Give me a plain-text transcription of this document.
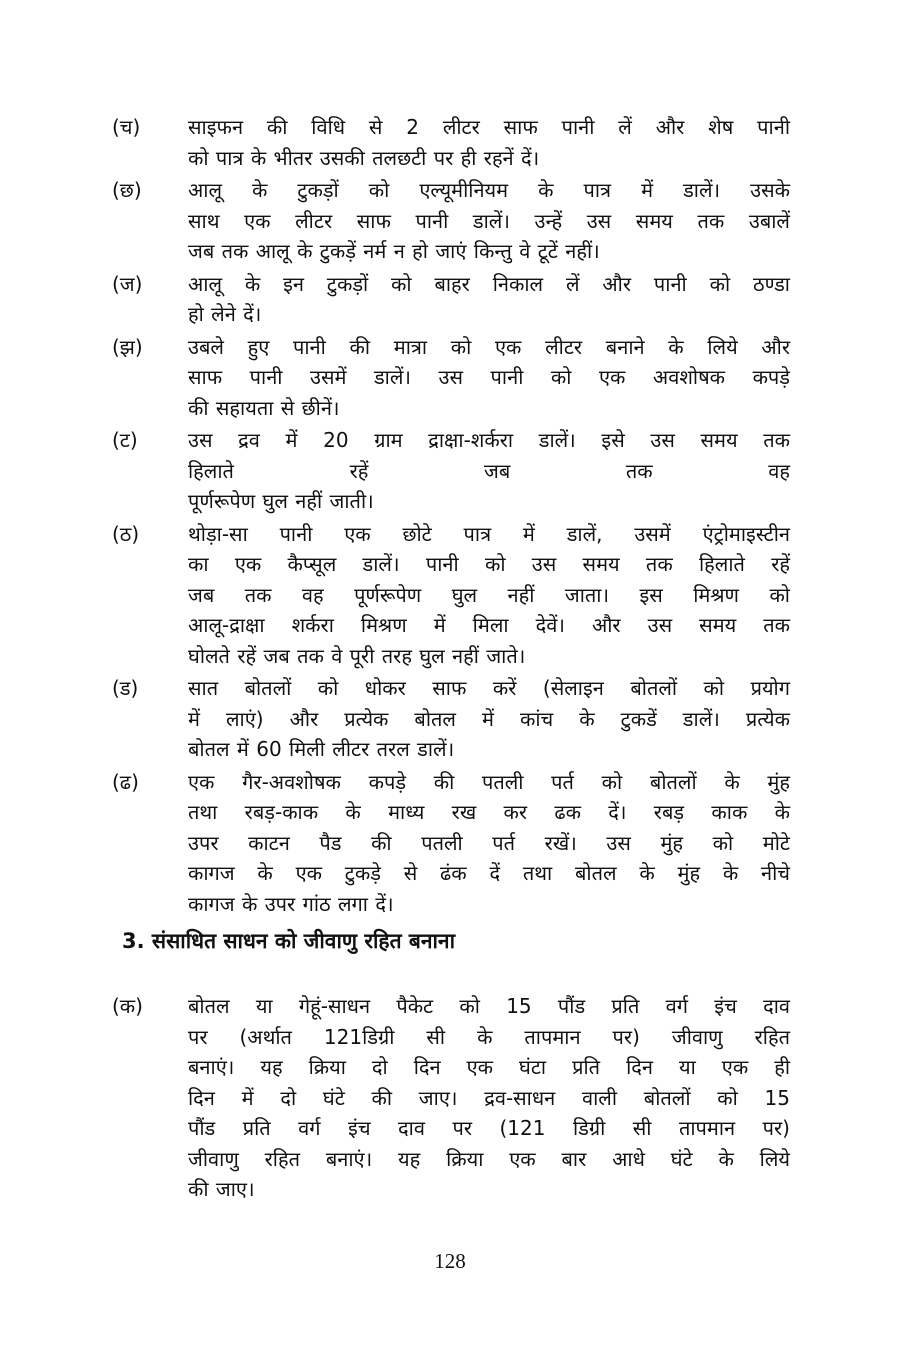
(च)	साइफन की विधि से 2 लीटर साफ पानी लें और शेष पानी
को पात्र के भीतर उसकी तलछटी पर ही रहनें दें।
(छ)	आलू के टुकड़ों को एल्यूमीनियम के पात्र में डालें। उसके
साथ एक लीटर साफ पानी डालें। उन्हें उस समय तक उबालें
जब तक आलू के टुकड़ें नर्म न हो जाएं किन्तु वे टूटें नहीं।
(ज)	आलू के इन टुकड़ों को बाहर निकाल लें और पानी को ठण्डा
हो लेने दें।
(झ)	उबले हुए पानी की मात्रा को एक लीटर बनाने के लिये और
साफ पानी उसमें डालें। उस पानी को एक अवशोषक कपड़े
की सहायता से छीनें।
(ट)	उस द्रव में 20 ग्राम द्राक्षा-शर्करा डालें। इसे उस समय तक
हिलाते रहें जब तक वह
पूर्णरूपेण घुल नहीं जाती।
(ठ)	थोड़ा-सा पानी एक छोटे पात्र में डालें, उसमें एंट्रोमाइस्टीन
का एक कैप्सूल डालें। पानी को उस समय तक हिलाते रहें
जब तक वह पूर्णरूपेण घुल नहीं जाता। इस मिश्रण को
आलू-द्राक्षा शर्करा मिश्रण में मिला देवें। और उस समय तक
घोलते रहें जब तक वे पूरी तरह घुल नहीं जाते।
(ड)	सात बोतलों को धोकर साफ करें (सेलाइन बोतलों को प्रयोग
में लाएं) और प्रत्येक बोतल में कांच के टुकडें डालें। प्रत्येक
बोतल में 60 मिली लीटर तरल डालें।
(ढ)	एक गैर-अवशोषक कपड़े की पतली पर्त को बोतलों के मुंह
तथा रबड़-काक के माध्य रख कर ढक दें। रबड़ काक के
उपर काटन पैड की पतली पर्त रखें। उस मुंह को मोटे
कागज के एक टुकड़े से ढंक दें तथा बोतल के मुंह के नीचे
कागज के उपर गांठ लगा दें।
3. संसाधित साधन को जीवाणु रहित बनाना
(क)	बोतल या गेहूं-साधन पैकेट को 15 पौंड प्रति वर्ग इंच दाव
पर (अर्थात 121डिग्री सी के तापमान पर) जीवाणु रहित
बनाएं। यह क्रिया दो दिन एक घंटा प्रति दिन या एक ही
दिन में दो घंटे की जाए। द्रव-साधन वाली बोतलों को 15
पौंड प्रति वर्ग इंच दाव पर (121 डिग्री सी तापमान पर)
जीवाणु रहित बनाएं। यह क्रिया एक बार आधे घंटे के लिये
की जाए।
128
